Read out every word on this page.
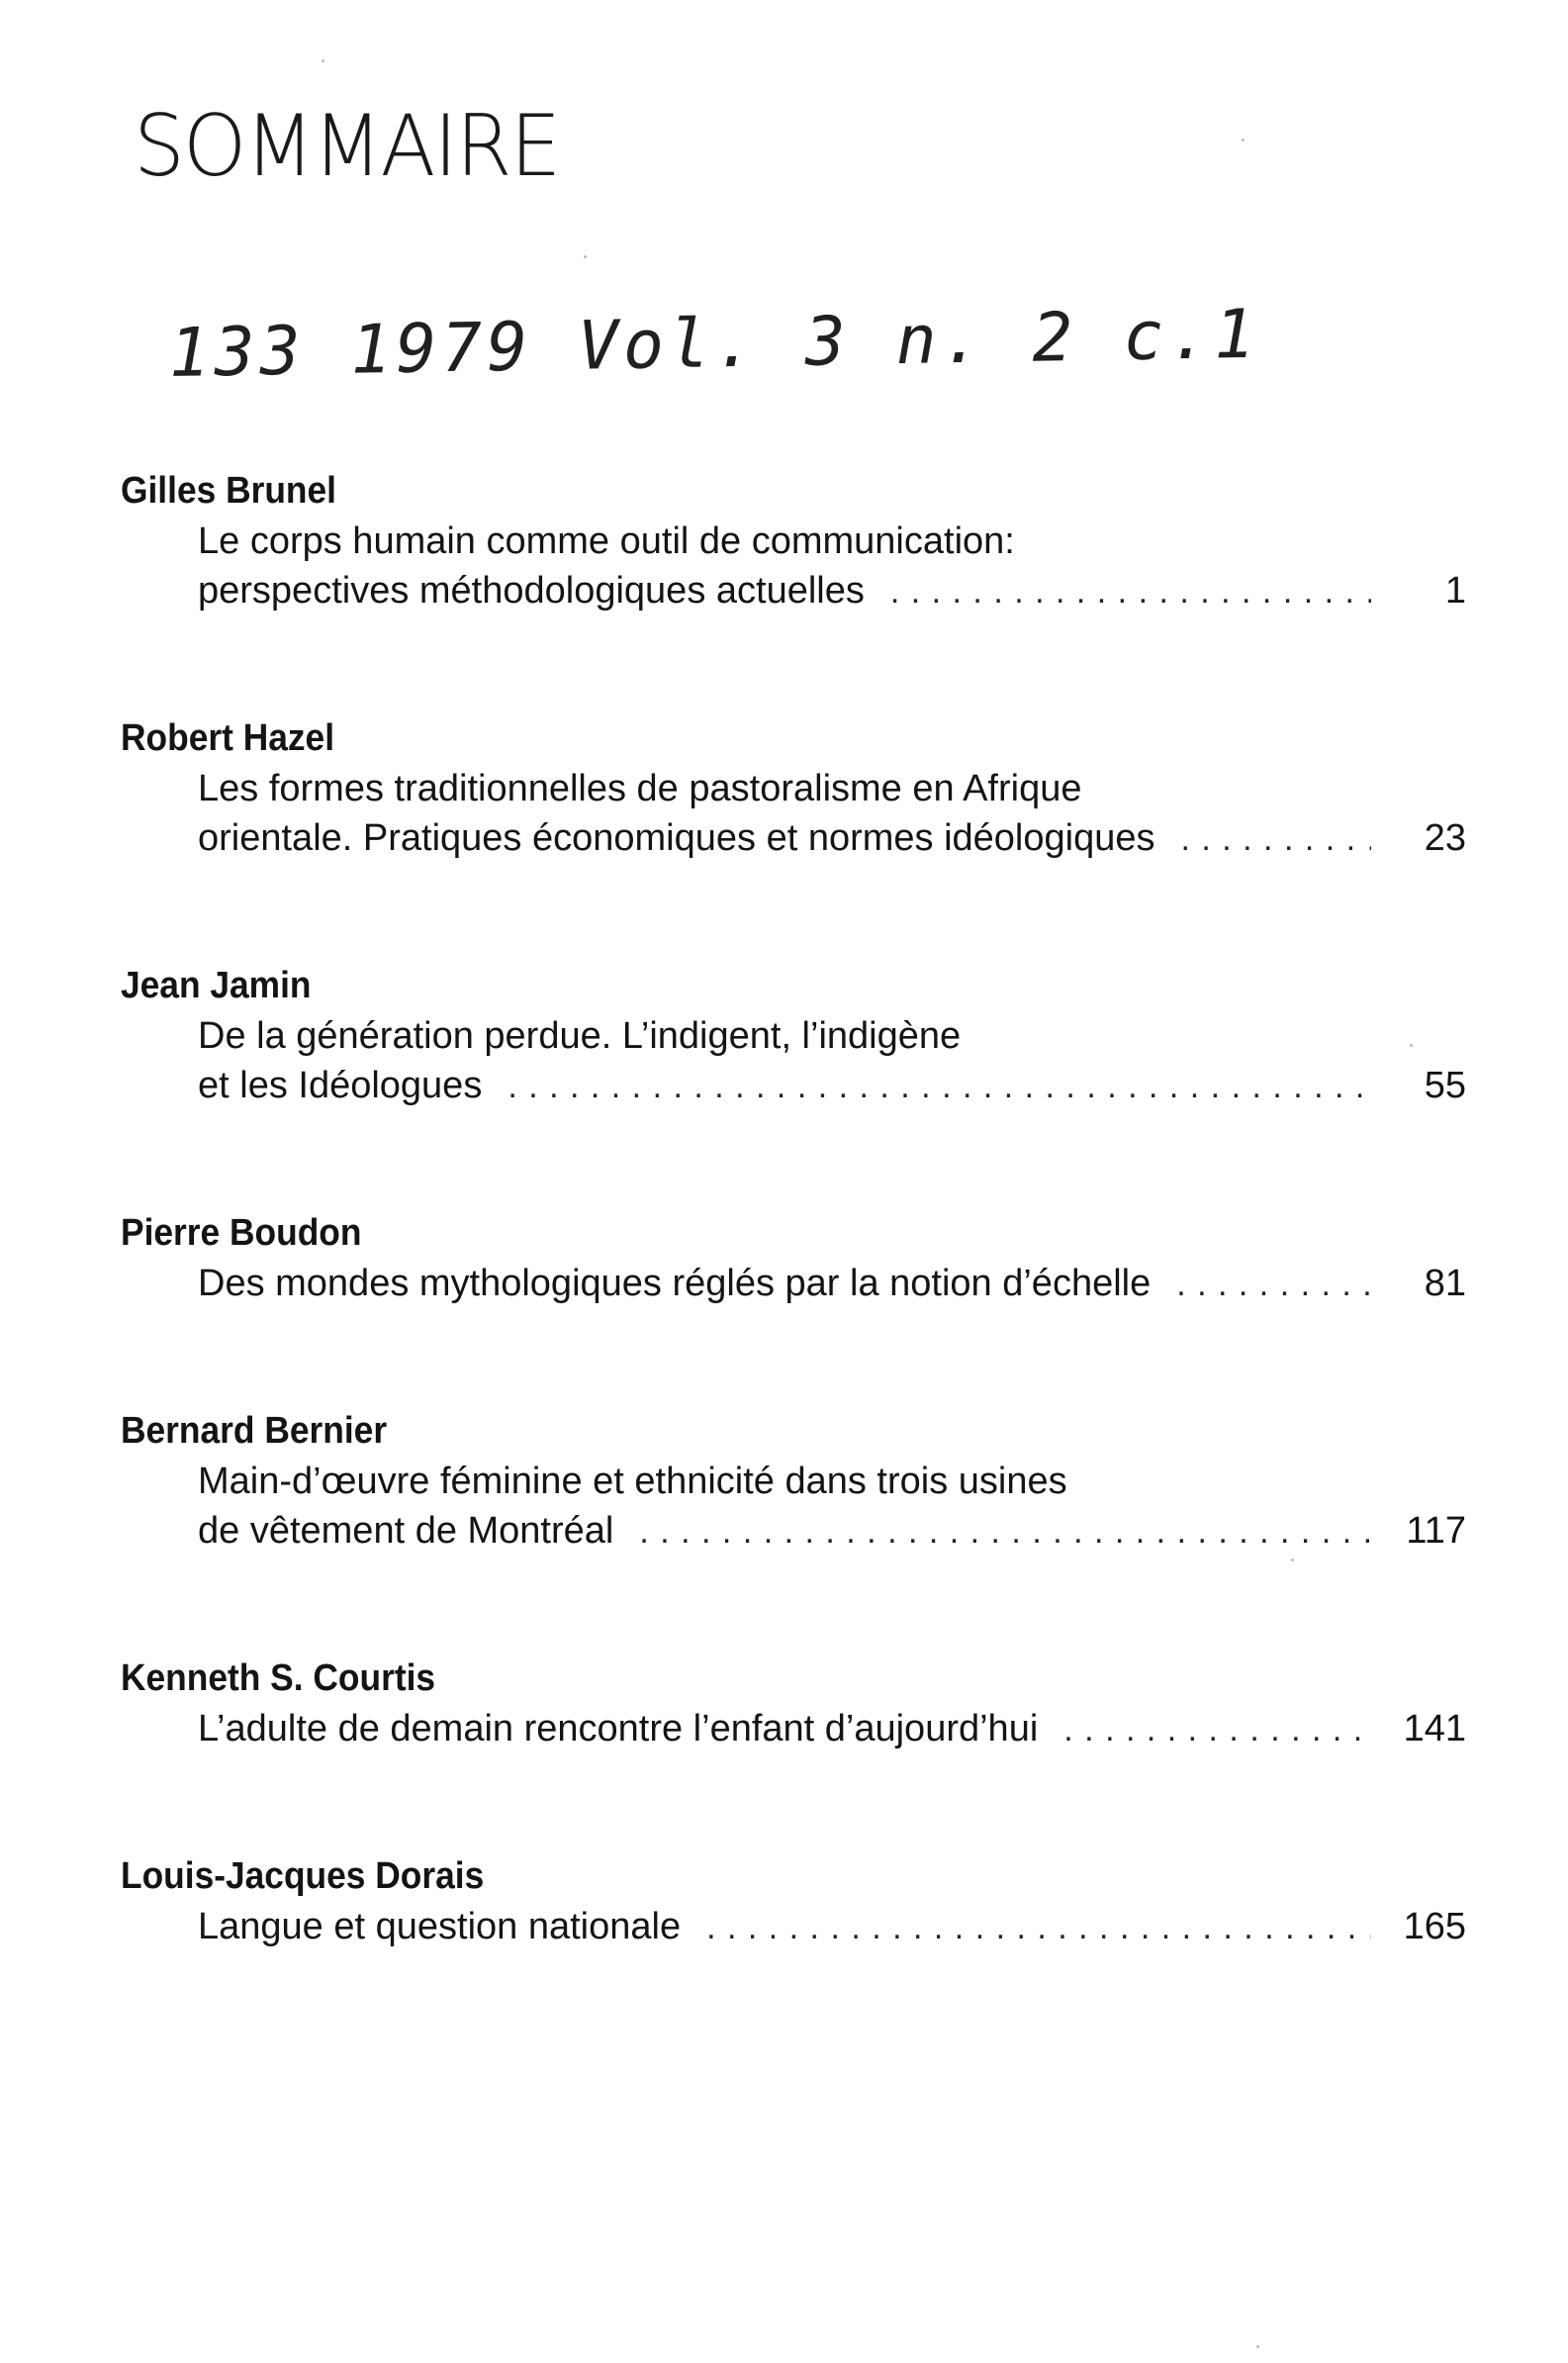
SOMMAIRE
133 1979 Vol. 3 n. 2 c.1
Gilles Brunel
Le corps humain comme outil de communication:
perspectives méthodologiques actuelles . . .	1
Robert Hazel
Les formes traditionnelles de pastoralisme en Afrique
orientale. Pratiques économiques et normes idéologiques . . .	23
Jean Jamin
De la génération perdue. L’indigent, l’indigène
et les Idéologues . . .	55
Pierre Boudon
Des mondes mythologiques réglés par la notion d’échelle . . .	81
Bernard Bernier
Main-d’œuvre féminine et ethnicité dans trois usines
de vêtement de Montréal . . .	117
Kenneth S. Courtis
L’adulte de demain rencontre l’enfant d’aujourd’hui . . .	141
Louis-Jacques Dorais
Langue et question nationale . . .	165
